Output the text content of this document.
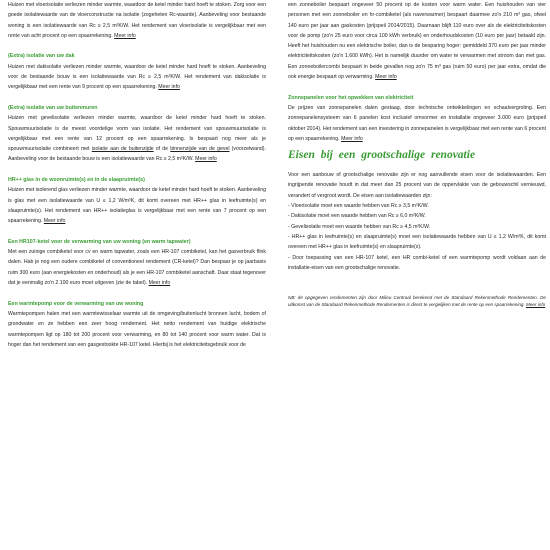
Huizen met vloerisolatie verliezen minder warmte, waardoor de ketel minder hard hoeft te stoken. Zorg voor een goede isolatiewaarde van de vloerconstructie na isolatie (zogeheten Rc-waarde). Aanbeveling voor bestaande woning is een isolatiewaarde van Rc ≥ 2,5 m²K/W. Het rendement van vloerisolatie is vergelijkbaar met een rente van acht procent op een spaarrekening. Meer info

(Extra) isolatie van uw dak

Huizen met dakisolatie verliezen minder warmte, waardoor de ketel minder hard hoeft te stoken. Aanbeveling voor de bestaande bouw is een isolatiewaarde van Rc ≥ 2,5 m²K/W. Het rendement van dakisolatie is vergelijkbaar met een rente van 9 procent op een spaarrekening. Meer info

(Extra) isolatie van uw buitenmuren

Huizen met gevelisolatie verliezen minder warmte, waardoor de ketel minder hard hoeft te stoken. Spouwmuurisolatie is de meest voordelige vorm van isolatie. Het rendement van spouwmuurisolatie is vergelijkbaar met een rente van 12 procent op een spaarrekening. Is bespaart nog meer als je spouwmuurisolatie combineert met isolatie aan de buitenzijde of de binnenzijde van de gevel (voorzetwand). Aanbeveling voor de bestaande bouw is een isolatiewaarde van Rc ≥ 2,5 m²K/W. Meer info

HR++ glas in de woonruimte(s) en in de slaapruimte(s)

Huizen met isolerend glas verliezen minder warmte, waardoor de ketel minder hard hoeft te stoken. Aanbeveling is glas met een isolatiewaarde van U ≤ 1,2 W/m²K, dit komt overeen met HR++ glas in leefruimte(s) en slaapruimte(s). Het rendement van HR++ isolatieglas is vergelijkbaar met een rente van 7 procent op een spaarrekening. Meer info

Een HR107-ketel voor de verwarming van uw woning (en warm tapwater)

Met een zuinige combiketel voor cv en warm tapwater, zoals een HR-107 combiketel, kan het gasverbruik flink dalen. Hab je nog een oudere combiketel of conventioneel rendement (CR-ketel)? Dan bespaar je op jaarbasis ruim 300 euro (aan energiekosten en onderhoud) als je een HR-107 combiketel aanschaft. Daar staat tegenover dat je eenmalig zo'n 2.100 euro moet uitgeven (zie de tabel). Meer info

Een warmtepomp voor de verwarming van uw woning

Warmtepompen halen met een warmtewisselaar warmte uit de omgeving/buitenlucht bronnen lucht, bodem of grondwater en ze hebben een zeer hoog rendement. Het netto rendement van huidige elektrische warmtepompen ligt op 180 tot 200 procent voor verwarming, en 80 tot 140 procent voor warm water. Dat is hoger dan het rendement van een gasgestookte HR-107 ketel. Hierbij is het elektriciteitsgebruik voor de

een zonneboiler bespaart ongeveer 50 procent op de kosten voor warm water. Een huishouden van vier personen met een zonneboiler en hr-combiketel (als naverwarmer) bespaart daarmee zo'n 210 m³ gas, ofwel 140 euro per jaar aan gaskosten (prijspeil 2014/2015). Daarnaan blijft 110 euro over als de elektriciteitskosten voor de pomp (zo'n 25 euro voor circa 100 kWh verbruik) en onderhoudskosten (10 euro per jaar) betaald zijn. Heeft het huishouden nu een elektrische boiler, dan is de besparing hoger: gemiddeld 370 euro per jaar minder elektriciteitskosten (zo'n 1.600 kWh). Het is namelijk duurder om water te verwarmen met stroom dan met gas. Een zonneboilercombi bespaart in beide gevallen nog zo'n 75 m³ gas (ruim 50 euro) per jaar extra, omdat die ook energie bespaart op verwarming. Meer info

Zonnepanelen voor het opwekken van elektriciteit

De prijzen van zonnepanelen dalen gestaag, door technische ontwikkelingen en schaalvergroting. Een zonnepanelensysteem van 6 panelen kost inclusief omvormer en installatie ongeveer 3.000 euro (prijspeil oktober 2014). Het rendement van een investering in zonnepanelen is vergelijkbaar met een rente van 6 procent op een spaarrekening. Meer info

Eisen bij een grootschalige renovatie

Voor een aanbouw of grootschalige renovatie zijn er nog aanvullende eisen voor de isolatiewaarden. Een ingrijpende renovatie houdt in dat meer dan 25 procent van de oppervlakte van de gebouwschil vernieuwd, verandert of vergroot wordt. De eisen aan isolatiewaarden zijn:

- Vloerisolatie moet een waarde hebben van Rc ≥ 3,5 m²K/W.

- Dakisolatie moet een waarde hebben van Rc ≥ 6,0 m²K/W.

- Gevelisolatie moet een waarde hebben van Rc ≥ 4,5 m²K/W.

- HR++ glas in leefruimte(s) en slaapruimte(s) moet een isolatiewaarde hebben van U ≤ 1,2 W/m²K, dit komt overeen met HR++ glas in leefruimte(s) en slaapruimte(s).

- Door toepassing van een HR-107 ketel, een HR combi-ketel of een warmtepomp wordt voldaan aan de installatie-eisen van een grootschalige renovatie.

NB: de opgegeven rendementen zijn door Milieu Centraal berekend met de Standaard Rekenmethode Rendementen. De uitkomst van de Standaard Rekenmethode Rendementen is direct te vergelijken met de rente op een spaarrekening. Meer info
